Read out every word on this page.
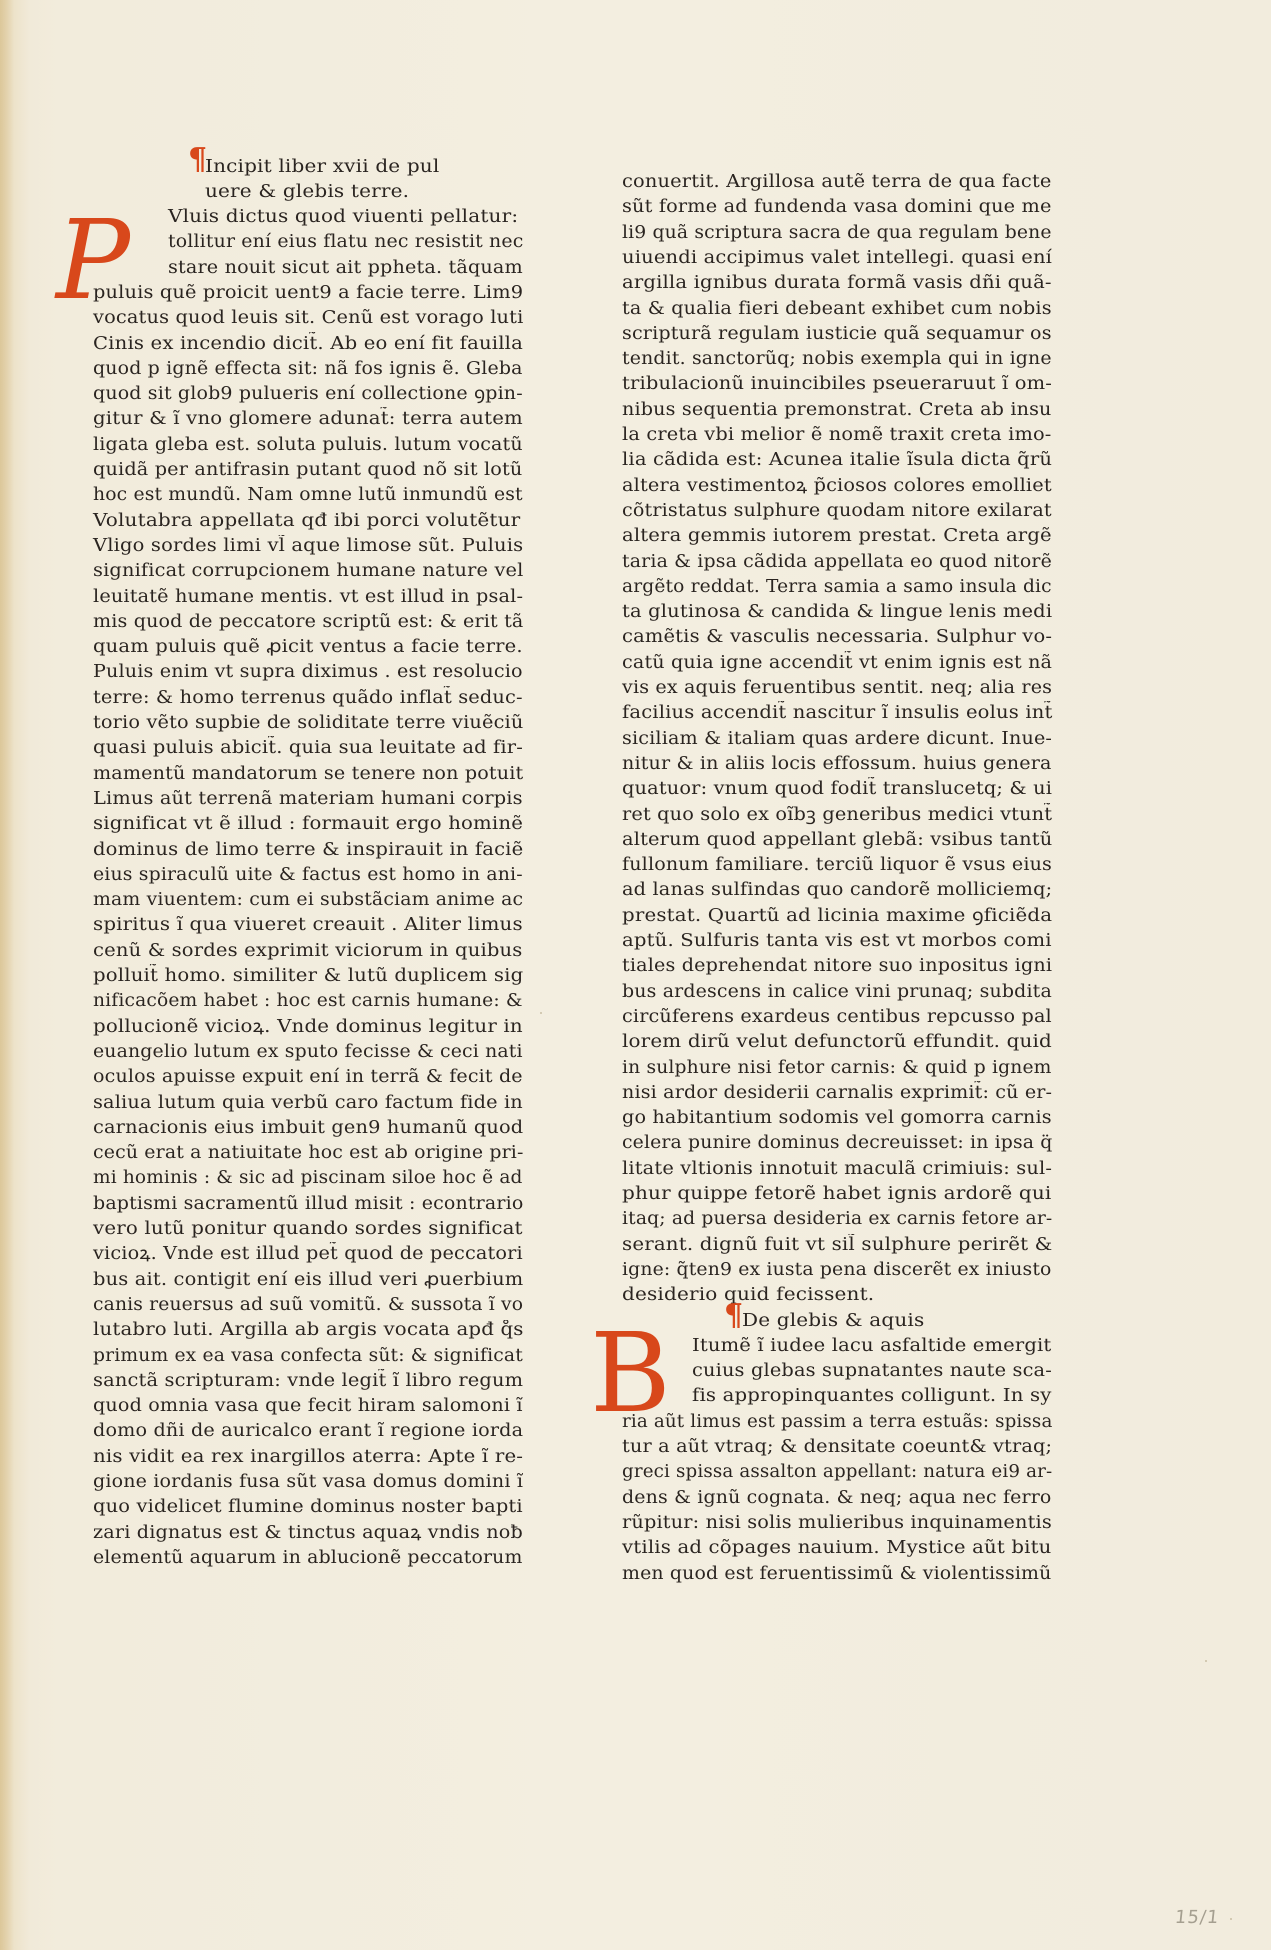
¶
Incipit liber xvii de pul
uere & glebis terre.
Vluis dictus quod viuenti pellatur:
tollitur ení eius flatu nec resistit nec
stare nouit sicut ait pphetа. tãquam
puluis quẽ proicit uent9 a facie terre. Lim9
vocatus quod leuis sit. Cenũ est vorago luti
Cinis ex incendio dicit̃. Ab eo ení fit fauilla
quod p ignẽ effecta sit: nã fos ignis ẽ. Gleba
quod sit glob9 pulueris ení collectione ꝯpin-
gitur & ĩ vno glomere adunat̃: terra autem
ligata gleba est. soluta puluis. lutum vocatũ
quidã per antifrasin putant quod nõ sit lotũ
hoc est mundũ. Nam omne lutũ inmundũ est
Volutabra appellata qđ ibi porci volutẽtur
Vligo sordes limi vl̃ aque limose sũt. Puluis
significat corrupcionem humane nature vel
leuitatẽ humane mentis. vt est illud in psal-
mis quod de peccatore scriptũ est: & erit tã
quam puluis quẽ ꝓicit ventus a facie terre.
Puluis enim vt supra diximus . est resolucio
terre: & homo terrenus quãdo inflat̃ seduc-
torio vẽto supbie de soliditate terre viuẽciũ
quasi puluis abicit̃. quia sua leuitate ad fir-
mamentũ mandatorum se tenere non potuit
Limus aũt terrenã materiam humani corpis
significat vt ẽ illud : formauit ergo hominẽ
dominus de limo terre & inspirauit in faciẽ
eius spiraculũ uite & factus est homo in ani-
mam viuentem: cum ei substãciam anime ac
spiritus ĩ qua viueret creauit . Aliter limus
cenũ & sordes exprimit viciorum in quibus
polluit̃ homo. similiter & lutũ duplicem sig
nificacõem habet : hoc est carnis humane: &
pollucionẽ vicioꝝ. Vnde dominus legitur in
euangelio lutum ex sputo fecisse & ceci nati
oculos apuisse expuit ení in terrã & fecit de
saliua lutum quia verbũ caro factum fide in
carnacionis eius imbuit gen9 humanũ quod
cecũ erat a natiuitate hoc est ab origine pri-
mi hominis : & sic ad piscinam siloe hoc ẽ ad
baptismi sacramentũ illud misit : econtrario
vero lutũ ponitur quando sordes significat
vicioꝝ. Vnde est illud pet̃ quod de peccatori
bus ait. contigit ení eis illud veri ꝓuerbium
canis reuersus ad suũ vomitũ. & sussota ĩ vo
lutabro luti. Argilla ab argis vocata apđ q̊s
primum ex ea vasa confecta sũt: & significat
sanctã scripturam: vnde legit̃ ĩ libro regum
quod omnia vasa que fecit hiram salomoni ĩ
domo dñi de auricalco erant ĩ regione iorda
nis vidit ea rex inargillos aterra: Apte ĩ re-
gione iordanis fusa sũt vasa domus domini ĩ
quo videlicet flumine dominus noster bapti
zari dignatus est & tinctus aquaꝝ vndis noƀ
elementũ aquarum in ablucionẽ peccatorum
P
conuertit. Argillosa autẽ terra de qua facte
sũt forme ad fundenda vasa domini que me
li9 quã scriptura sacra de qua regulam bene
uiuendi accipimus valet intellegi. quasi ení
argilla ignibus durata formã vasis dñi quã-
ta & qualia fieri debeant exhibet cum nobis
scripturã regulam iusticie quã sequamur os
tendit. sanctorũq; nobis exempla qui in igne
tribulacionũ inuincibiles pseueraruut ĩ om-
nibus sequentia premonstrat. Creta ab insu
la creta vbi melior ẽ nomẽ traxit creta imo-
lia cãdida est: Acunea italie ĩsula dicta q̃rũ
altera vestimentoꝝ p̃ciosos colores emolliet
cõtristatus sulphure quodam nitore exilarat
altera gemmis iutorem prestat. Creta argẽ
taria & ipsa cãdida appellata eo quod nitorẽ
argẽto reddat. Terra samia a samo insula dic
ta glutinosa & candida & lingue lenis medi
camẽtis & vasculis necessaria. Sulphur vo-
catũ quia igne accendit̃ vt enim ignis est nã
vis ex aquis feruentibus sentit. neq; alia res
facilius accendit̃ nascitur ĩ insulis eolus int̃
siciliam & italiam quas ardere dicunt. Inue-
nitur & in aliis locis effossum. huius genera
quatuor: vnum quod fodit̃ translucetq; & ui
ret quo solo ex oĩbꝫ generibus medici vtunt̃
alterum quod appellant glebã: vsibus tantũ
fullonum familiare. terciũ liquor ẽ vsus eius
ad lanas sulfindas quo candorẽ molliciemq;
prestat. Quartũ ad licinia maxime ꝯficiẽda
aptũ. Sulfuris tanta vis est vt morbos comi
tiales deprehendat nitore suo inpositus igni
bus ardescens in calice vini prunaq; subdita
circũferens exardeus centibus repcusso pal
lorem dirũ velut defunctorũ effundit. quid
in sulphure nisi fetor carnis: & quid p ignem
nisi ardor desiderii carnalis exprimit̃: cũ er-
go habitantium sodomis vel gomorra carnis
celera punire dominus decreuisset: in ipsa q̈
litate vltionis innotuit maculã crimiuis: sul-
phur quippe fetorẽ habet ignis ardorẽ qui
itaq; ad puersa desideria ex carnis fetore ar-
serant. dignũ fuit vt sil̃ sulphure perirẽt &
igne: q̃ten9 ex iusta pena discerẽt ex iniusto
desiderio quid fecissent.
¶
De glebis & aquis
Itumẽ ĩ iudee lacu asfaltide emergit
cuius glebas supnatantes naute sca-
fis appropinquantes colligunt. In sy
ria aũt limus est passim a terra estuãs: spissa
tur a aũt vtraq; & densitate coeunt& vtraq;
greci spissa assalton appellant: natura ei9 ar-
dens & ignũ cognata. & neq; aqua nec ferro
rũpitur: nisi solis mulieribus inquinamentis
vtilis ad cõpages nauium. Mystice aũt bitu
men quod est feruentissimũ & violentissimũ
B
15/1
